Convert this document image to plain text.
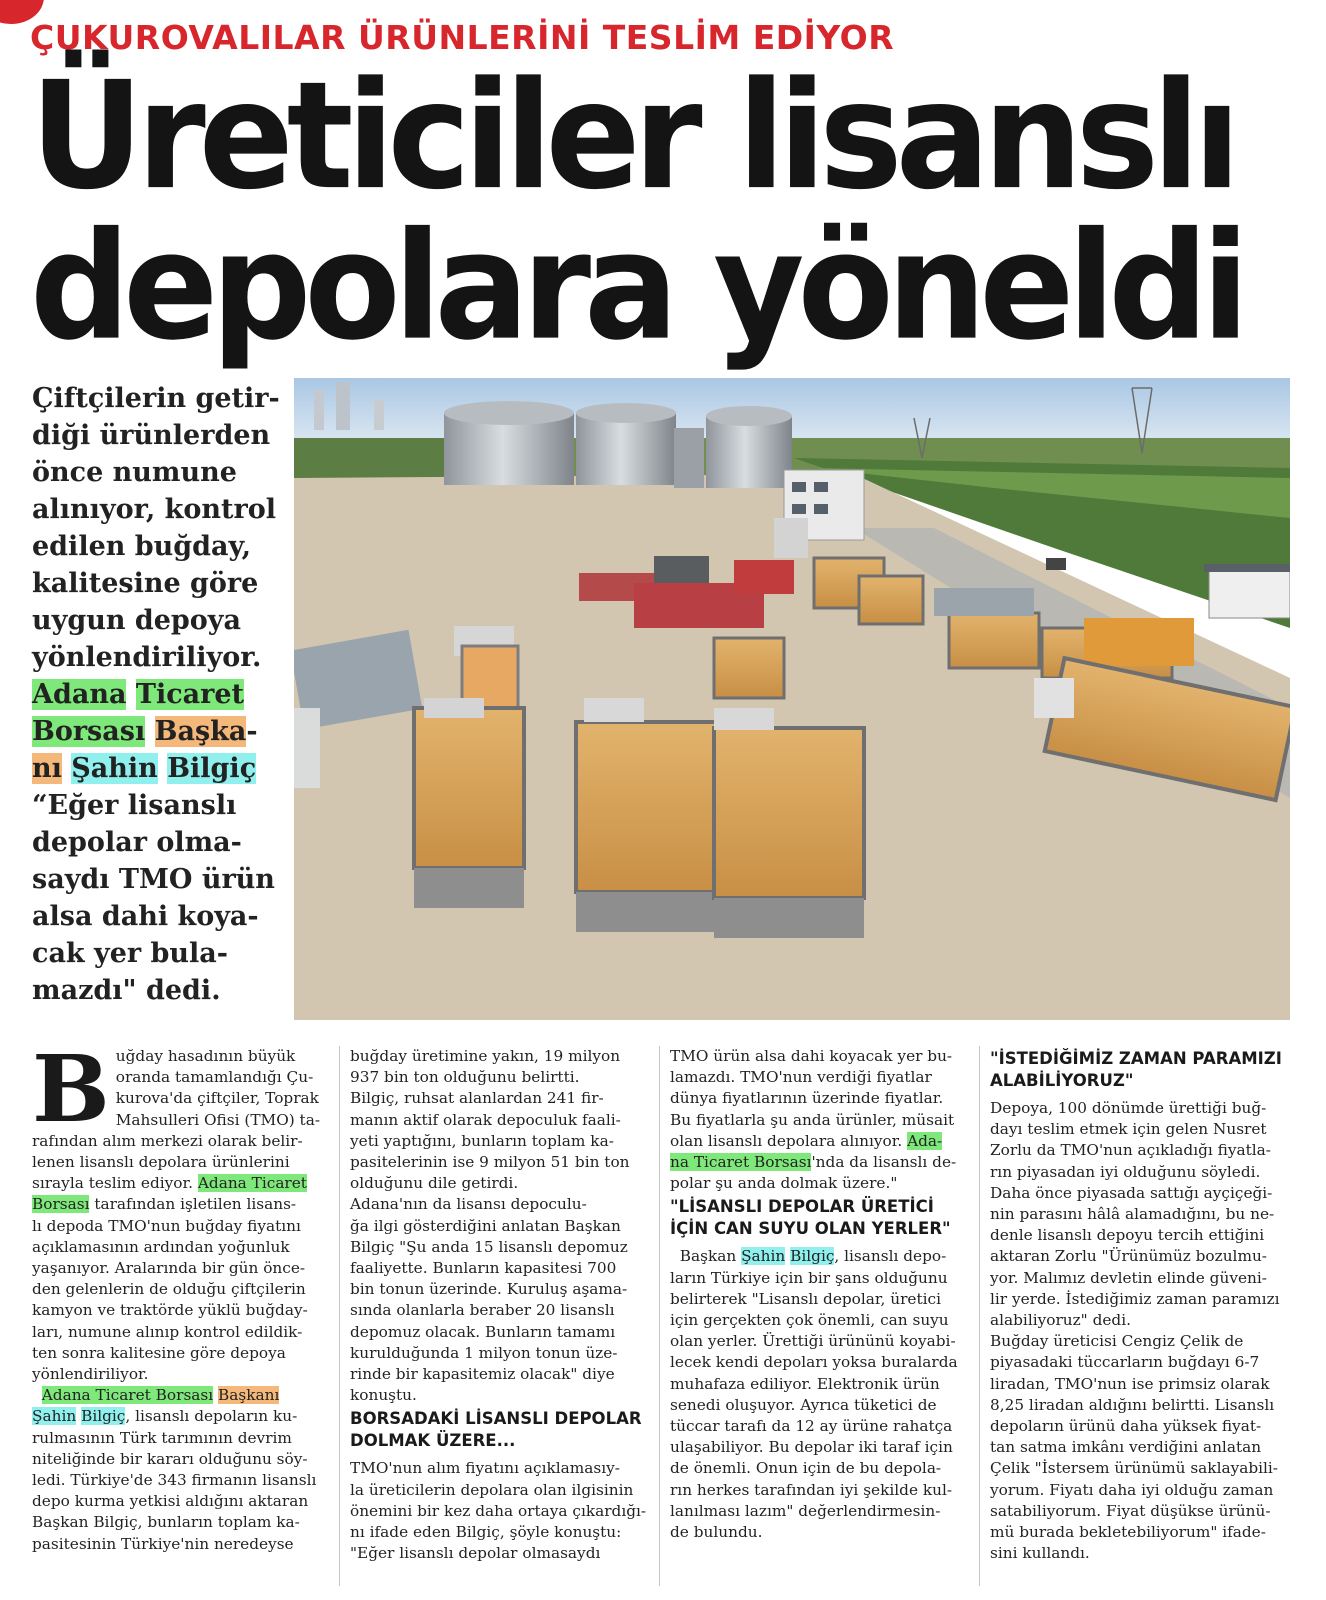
ÇUKUROVALILAR ÜRÜNLERİNİ TESLİM EDİYOR
Üreticiler lisanslı
depolara yöneldi
Çiftçilerin getir-
diği ürünlerden
önce numune
alınıyor, kontrol
edilen buğday,
kalitesine göre
uygun depoya
yönlendiriliyor.
Adana Ticaret
Borsası Başka-
nı Şahin Bilgiç
“Eğer lisanslı
depolar olma-
saydı TMO ürün
alsa dahi koya-
cak yer bula-
mazdı" dedi.
B uğday hasadının büyük
oranda tamamlandığı Çu-
kurova'da çiftçiler, Toprak
Mahsulleri Ofisi (TMO) ta-
rafından alım merkezi olarak belir-
lenen lisanslı depolara ürünlerini
sırayla teslim ediyor. Adana Ticaret
Borsası tarafından işletilen lisans-
lı depoda TMO'nun buğday fiyatını
açıklamasının ardından yoğunluk
yaşanıyor. Aralarında bir gün önce-
den gelenlerin de olduğu çiftçilerin
kamyon ve traktörde yüklü buğday-
ları, numune alınıp kontrol edildik-
ten sonra kalitesine göre depoya
yönlendiriliyor.
Adana Ticaret Borsası Başkanı
Şahin Bilgiç, lisanslı depoların ku-
rulmasının Türk tarımının devrim
niteliğinde bir kararı olduğunu söy-
ledi. Türkiye'de 343 firmanın lisanslı
depo kurma yetkisi aldığını aktaran
Başkan Bilgiç, bunların toplam ka-
pasitesinin Türkiye'nin neredeyse
buğday üretimine yakın, 19 milyon
937 bin ton olduğunu belirtti.
Bilgiç, ruhsat alanlardan 241 fir-
manın aktif olarak depoculuk faali-
yeti yaptığını, bunların toplam ka-
pasitelerinin ise 9 milyon 51 bin ton
olduğunu dile getirdi.
Adana'nın da lisansı depoculu-
ğa ilgi gösterdiğini anlatan Başkan
Bilgiç "Şu anda 15 lisanslı depomuz
faaliyette. Bunların kapasitesi 700
bin tonun üzerinde. Kuruluş aşama-
sında olanlarla beraber 20 lisanslı
depomuz olacak. Bunların tamamı
kurulduğunda 1 milyon tonun üze-
rinde bir kapasitemiz olacak" diye
konuştu.
BORSADAKİ LİSANSLI DEPOLAR
DOLMAK ÜZERE...
TMO'nun alım fiyatını açıklamasıy-
la üreticilerin depolara olan ilgisinin
önemini bir kez daha ortaya çıkardığı-
nı ifade eden Bilgiç, şöyle konuştu:
"Eğer lisanslı depolar olmasaydı
TMO ürün alsa dahi koyacak yer bu-
lamazdı. TMO'nun verdiği fiyatlar
dünya fiyatlarının üzerinde fiyatlar.
Bu fiyatlarla şu anda ürünler, müsait
olan lisanslı depolara alınıyor. Ada-
na Ticaret Borsası'nda da lisanslı de-
polar şu anda dolmak üzere."
"LİSANSLI DEPOLAR ÜRETİCİ
İÇİN CAN SUYU OLAN YERLER"
Başkan Şahin Bilgiç, lisanslı depo-
ların Türkiye için bir şans olduğunu
belirterek "Lisanslı depolar, üretici
için gerçekten çok önemli, can suyu
olan yerler. Ürettiği ürününü koyabi-
lecek kendi depoları yoksa buralarda
muhafaza ediliyor. Elektronik ürün
senedi oluşuyor. Ayrıca tüketici de
tüccar tarafı da 12 ay ürüne rahatça
ulaşabiliyor. Bu depolar iki taraf için
de önemli. Onun için de bu depola-
rın herkes tarafından iyi şekilde kul-
lanılması lazım" değerlendirmesin-
de bulundu.
"İSTEDİĞİMİZ ZAMAN PARAMIZI
ALABİLİYORUZ"
Depoya, 100 dönümde ürettiği buğ-
dayı teslim etmek için gelen Nusret
Zorlu da TMO'nun açıkladığı fiyatla-
rın piyasadan iyi olduğunu söyledi.
Daha önce piyasada sattığı ayçiçeği-
nin parasını hâlâ alamadığını, bu ne-
denle lisanslı depoyu tercih ettiğini
aktaran Zorlu "Ürünümüz bozulmu-
yor. Malımız devletin elinde güveni-
lir yerde. İstediğimiz zaman paramızı
alabiliyoruz" dedi.
Buğday üreticisi Cengiz Çelik de
piyasadaki tüccarların buğdayı 6-7
liradan, TMO'nun ise primsiz olarak
8,25 liradan aldığını belirtti. Lisanslı
depoların ürünü daha yüksek fiyat-
tan satma imkânı verdiğini anlatan
Çelik "İstersem ürünümü saklayabili-
yorum. Fiyatı daha iyi olduğu zaman
satabiliyorum. Fiyat düşükse ürünü-
mü burada bekletebiliyorum" ifade-
sini kullandı.
